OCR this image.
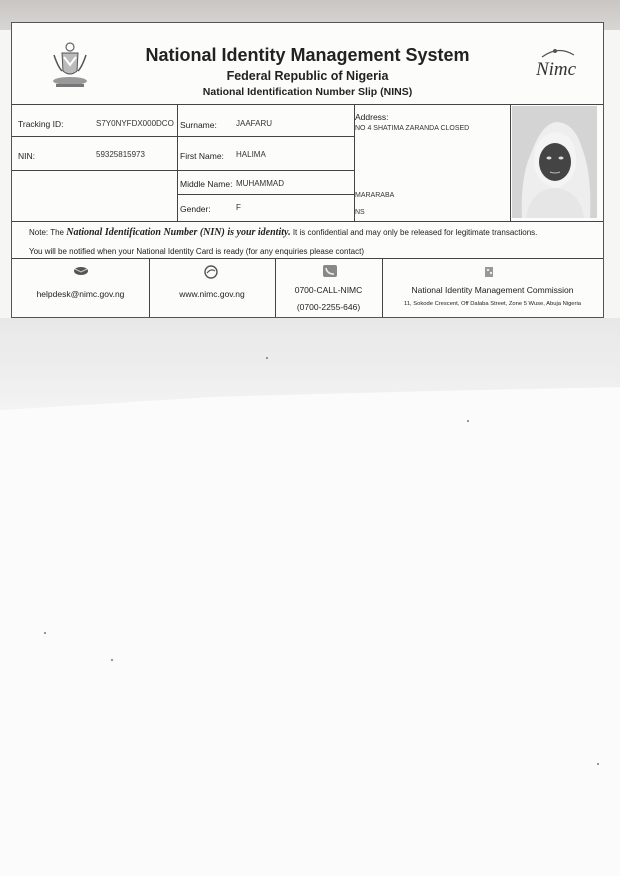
Nimc
National Identity Management System
Federal Republic of Nigeria
National Identification Number Slip (NINS)
Tracking ID:	S7Y0NYFDX000DCO Surname: JAAFARU
NIN:	59325815973	First Name: HALIMA
Middle Name: MUHAMMAD
Gender:	F
Address:
NO 4 SHATIMA ZARANDA CLOSED
MARARABA
NS
Note: The National Identification Number (NIN) is your identity. It is confidential and may only be released for legitimate transactions.
You will be notified when your National Identity Card is ready (for any enquiries please contact)
helpdesk@nimc.gov.ng	www.nimc.gov.ng	0700-CALL-NIMC
(0700-2255-646)
National Identity Management Commission
11, Sokode Crescent, Off Dalaba Street, Zone 5 Wuse, Abuja Nigeria
